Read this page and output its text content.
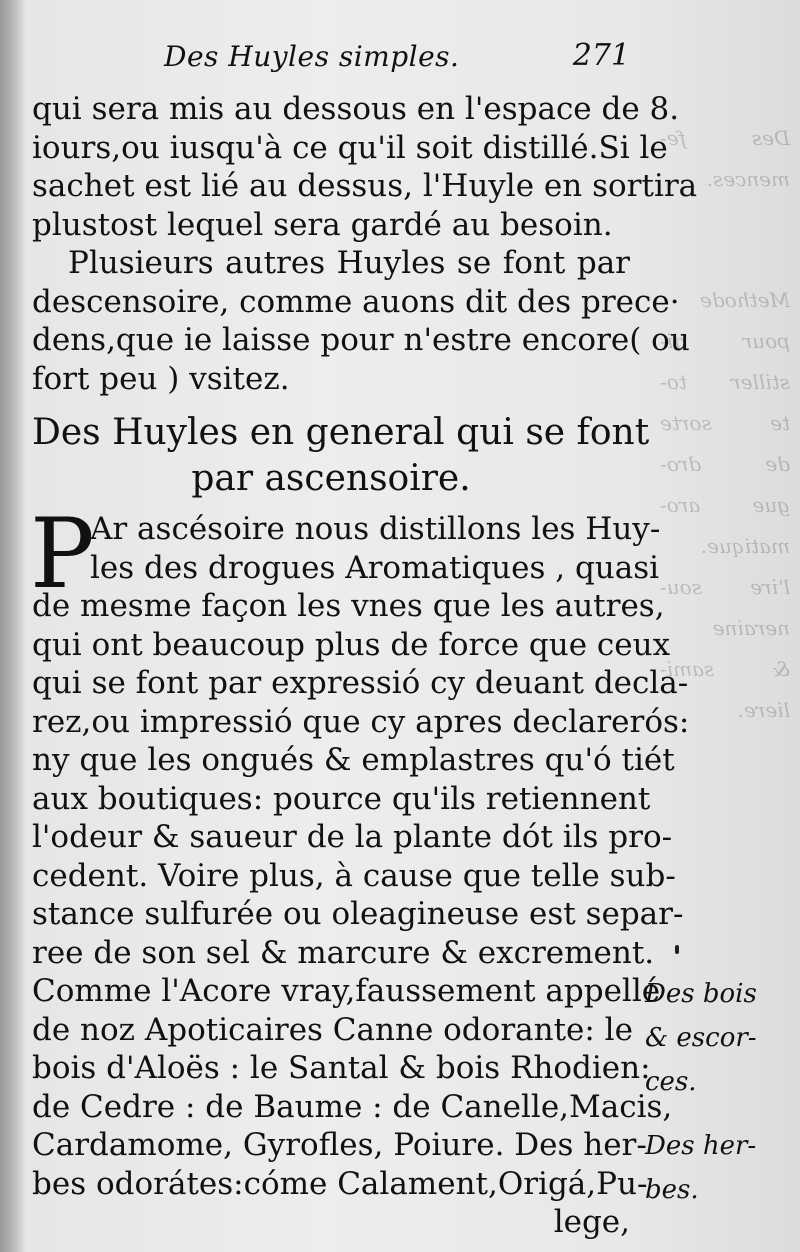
Des fe-
mences.
Methode
pour di-
stiller to-
te sorte
de dro-
gue aro-
matique.
l'ire sou-
neraine
& sami-
liere.
Des Huyles simples.	271
qui sera mis au dessous en l'espace de 8.
iours,ou iusqu'à ce qu'il soit distillé.Si le
sachet est lié au dessus, l'Huyle en sortira
plustost lequel sera gardé au besoin.
Plusieurs autres Huyles se font par
descensoire, comme auons dit des prece·
dens,que ie laisse pour n'estre encore( ou
fort peu ) vsitez.
Des Huyles en general qui se font
par ascensoire.
P
Ar ascésoire nous distillons les Huy-
les des drogues Aromatiques , quasi
de mesme façon les vnes que les autres,
qui ont beaucoup plus de force que ceux
qui se font par expressió cy deuant decla-
rez,ou impressió que cy apres declarerós:
ny que les ongués & emplastres qu'ó tiét
aux boutiques: pource qu'ils retiennent
l'odeur & saueur de la plante dót ils pro-
cedent. Voire plus, à cause que telle sub-
stance sulfurée ou oleagineuse est separ-
ree de son sel & marcure & excrement.
Comme l'Acore vray,faussement appellé
de noz Apoticaires Canne odorante: le
bois d'Aloës : le Santal & bois Rhodien:
de Cedre : de Baume : de Canelle,Macis,
Cardamome, Gyrofles, Poiure. Des her-
bes odorátes:cóme Calament,Origá,Pu-
lege,
Des bois
& escor-
ces.
Des her-
bes.
